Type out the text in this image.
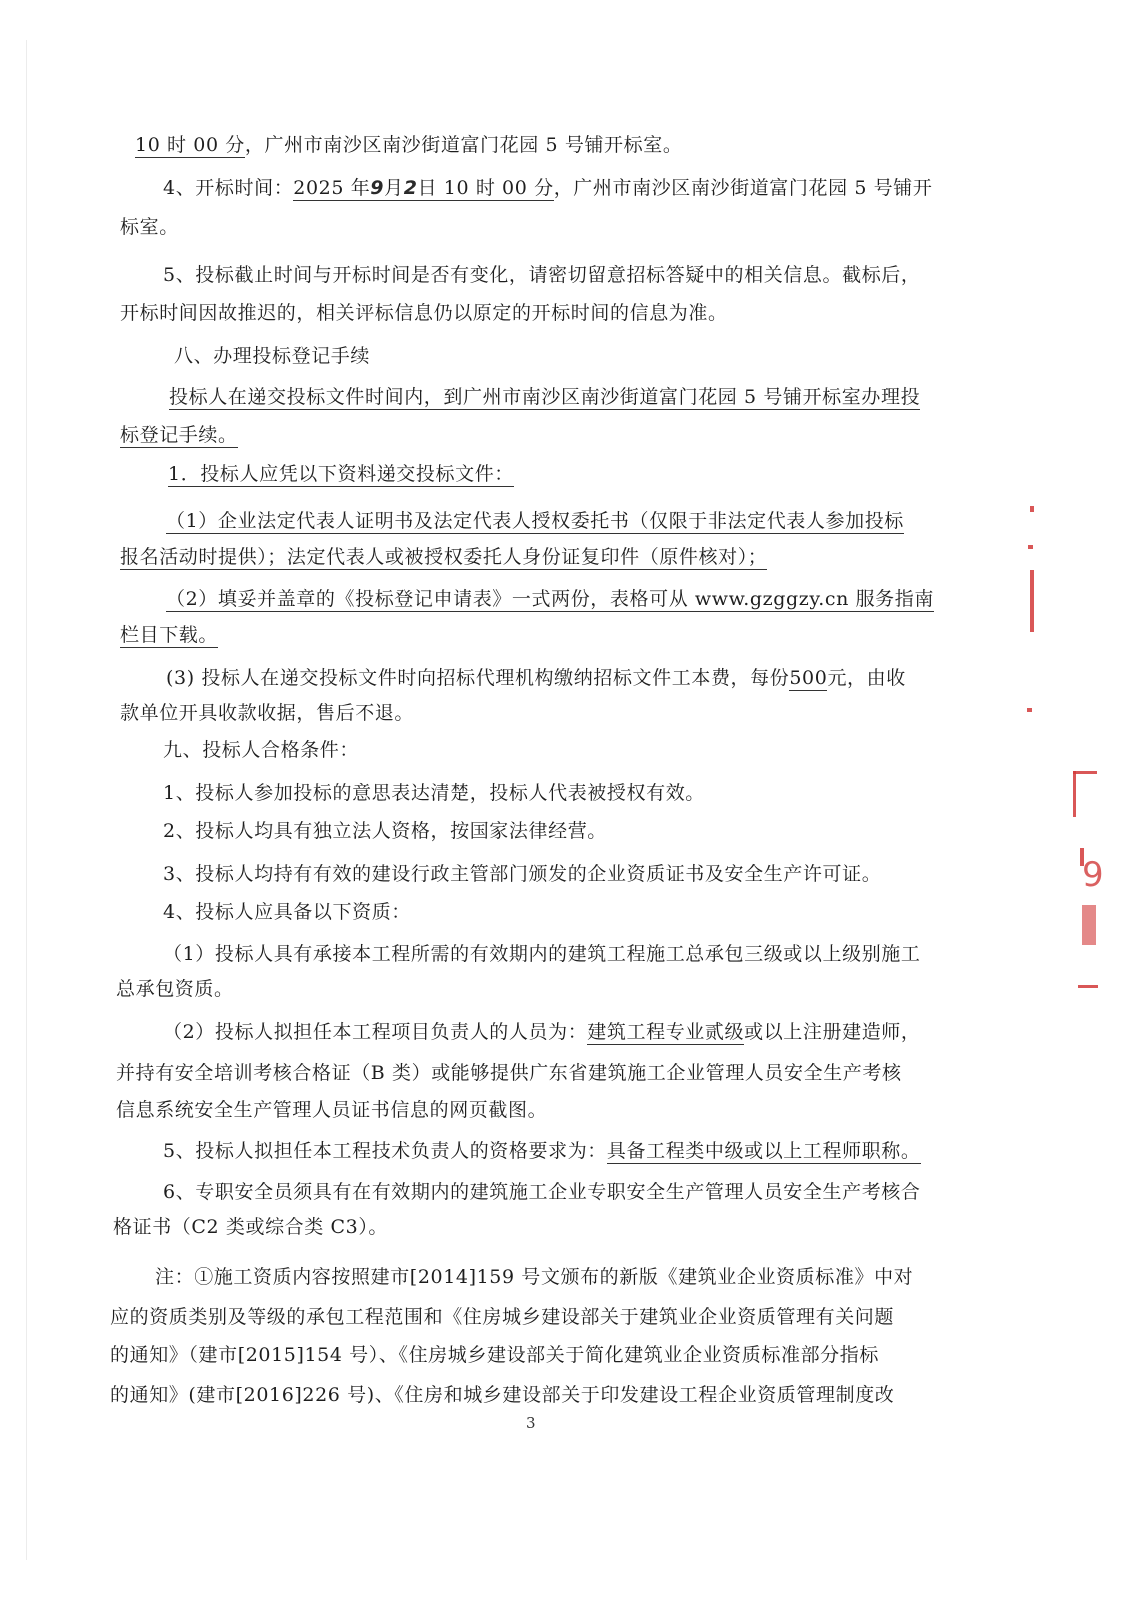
10 时 00 分，广州市南沙区南沙街道富门花园 5 号铺开标室。
4、开标时间：2025 年9月2日 10 时 00 分，广州市南沙区南沙街道富门花园 5 号铺开
标室。
5、投标截止时间与开标时间是否有变化，请密切留意招标答疑中的相关信息。截标后，
开标时间因故推迟的，相关评标信息仍以原定的开标时间的信息为准。
八、办理投标登记手续
投标人在递交投标文件时间内，到广州市南沙区南沙街道富门花园 5 号铺开标室办理投
标登记手续。
1．投标人应凭以下资料递交投标文件：
（1）企业法定代表人证明书及法定代表人授权委托书（仅限于非法定代表人参加投标
报名活动时提供）；法定代表人或被授权委托人身份证复印件（原件核对）；
（2）填妥并盖章的《投标登记申请表》一式两份，表格可从 www.gzggzy.cn 服务指南
栏目下载。
(3) 投标人在递交投标文件时向招标代理机构缴纳招标文件工本费，每份500元，由收
款单位开具收款收据，售后不退。
九、投标人合格条件：
1、投标人参加投标的意思表达清楚，投标人代表被授权有效。
2、投标人均具有独立法人资格，按国家法律经营。
3、投标人均持有有效的建设行政主管部门颁发的企业资质证书及安全生产许可证。
4、投标人应具备以下资质：
（1）投标人具有承接本工程所需的有效期内的建筑工程施工总承包三级或以上级别施工
总承包资质。
（2）投标人拟担任本工程项目负责人的人员为：建筑工程专业贰级或以上注册建造师，
并持有安全培训考核合格证（B 类）或能够提供广东省建筑施工企业管理人员安全生产考核
信息系统安全生产管理人员证书信息的网页截图。
5、投标人拟担任本工程技术负责人的资格要求为：具备工程类中级或以上工程师职称。
6、专职安全员须具有在有效期内的建筑施工企业专职安全生产管理人员安全生产考核合
格证书（C2 类或综合类 C3）。
注：①施工资质内容按照建市[2014]159 号文颁布的新版《建筑业企业资质标准》中对
应的资质类别及等级的承包工程范围和《住房城乡建设部关于建筑业企业资质管理有关问题
的通知》（建市[2015]154 号）、《住房城乡建设部关于简化建筑业企业资质标准部分指标
的通知》(建市[2016]226 号)、《住房和城乡建设部关于印发建设工程企业资质管理制度改
3
9
